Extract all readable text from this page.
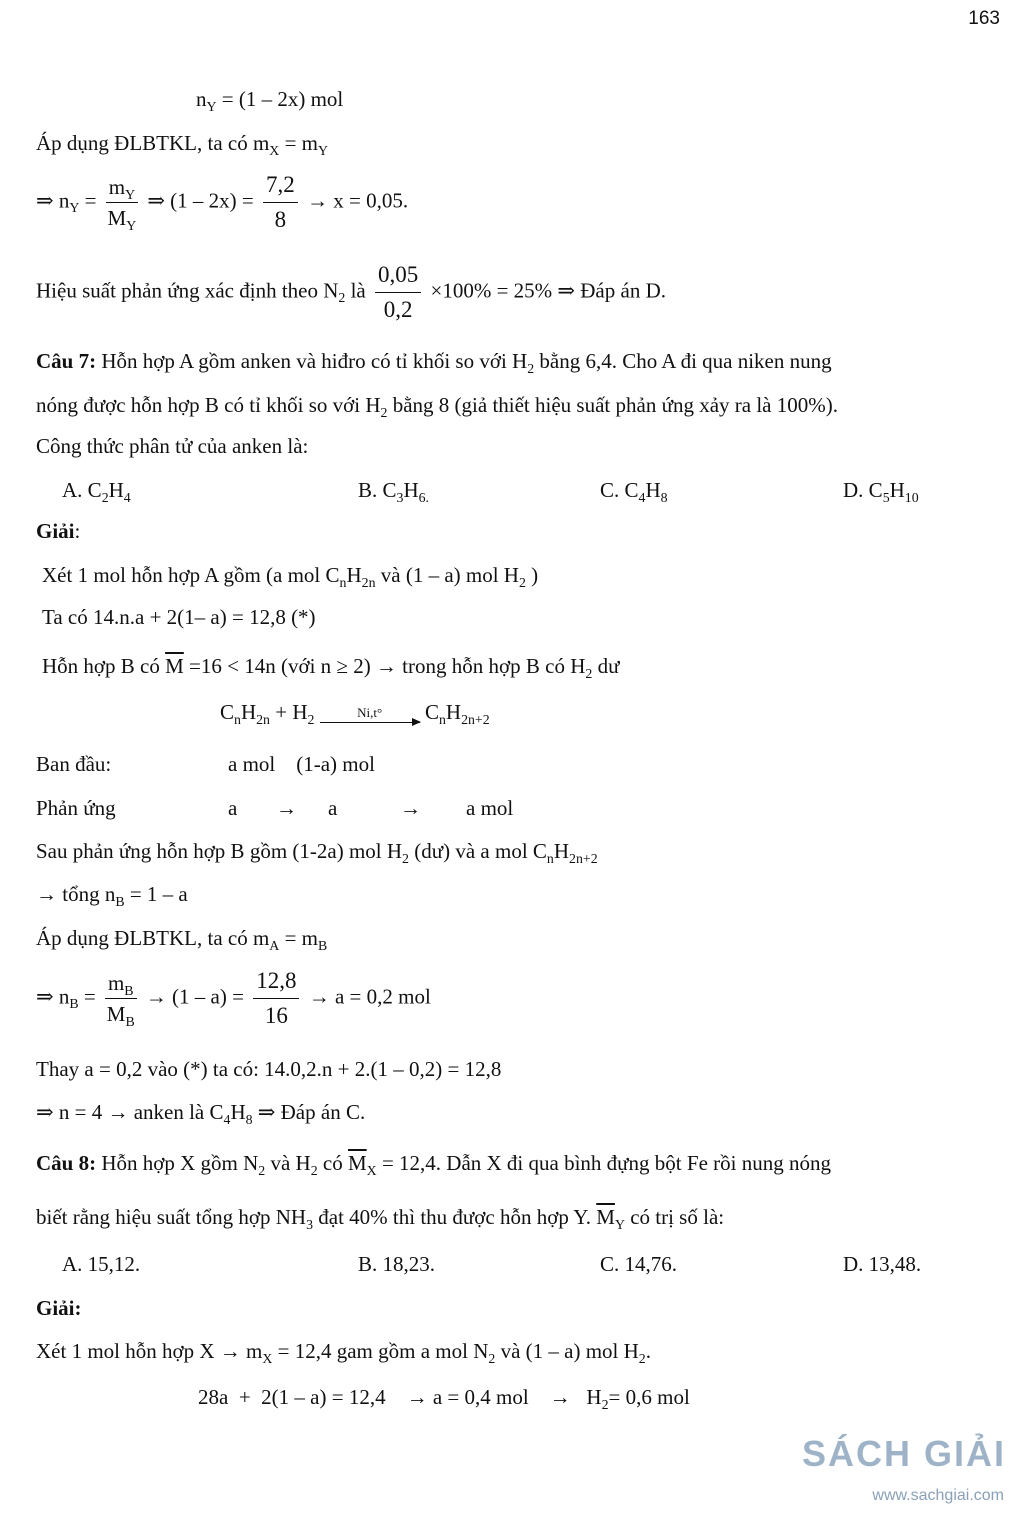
163
$n_Y = (1 - 2x)$ mol
Áp dụng ĐLBTKL, ta có $m_X = m_Y$
⇒ $n_Y = \frac{m_Y}{M_Y}$ ⇒ $(1 - 2x) = \frac{7,2}{8} \to x = 0,05$.
Hiệu suất phản ứng xác định theo $N_2$ là $\frac{0,05}{0,2} \times 100\% = 25\%$ ⇒ Đáp án D.
Câu 7: Hỗn hợp A gồm anken và hiđro có tỉ khối so với $H_2$ bằng 6,4. Cho A đi qua niken nung
nóng được hỗn hợp B có tỉ khối so với $H_2$ bằng 8 (giả thiết hiệu suất phản ứng xảy ra là 100%).
Công thức phân tử của anken là:
A. $C_2H_4$	B. $C_3H_{6.}$	C. $C_4H_8$	D. $C_5H_{10}$
Giải:
Xét 1 mol hỗn hợp A gồm (a mol $C_nH_{2n}$ và (1 – a) mol $H_2$ )
Ta có 14.n.a + 2(1– a) = 12,8 (*)
Hỗn hợp B có $\overline{M} =16 < 14n$ (với n ≥ 2) → trong hỗn hợp B có $H_2$ dư
$C_nH_{2n} + H_2$	Ni,t°	$C_nH_{2n+2}$
Ban đầu:	a mol    (1-a) mol
Phản ứng	a → a	→ a mol
Sau phản ứng hỗn hợp B gồm (1-2a) mol $H_2$ (dư) và a mol $C_nH_{2n+2}$
→ tổng $n_B = 1 - a$
Áp dụng ĐLBTKL, ta có $m_A = m_B$
⇒ $n_B = \frac{m_B}{M_B} \to (1 - a) = \frac{12,8}{16} \to a = 0,2$ mol
Thay a = 0,2 vào (*) ta có: 14.0,2.n + 2.(1 – 0,2) = 12,8
⇒ n = 4 → anken là $C_4H_8$ ⇒ Đáp án C.
Câu 8: Hỗn hợp X gồm $N_2$ và $H_2$ có $\overline{M}_X = 12,4$. Dẫn X đi qua bình đựng bột Fe rồi nung nóng
biết rằng hiệu suất tổng hợp $NH_3$ đạt 40% thì thu được hỗn hợp Y. $\overline{M}_Y$ có trị số là:
A. 15,12.	B. 18,23.	C. 14,76.	D. 13,48.
Giải:
Xét 1 mol hỗn hợp $X \to m_X = 12,4$ gam gồm a mol $N_2$ và (1 – a) mol $H_2$.
28a  +  2(1 – a) = 12,4    → a = 0,4 mol    →   $H_2= 0,6$ mol
SÁCH GIẢI
www.sachgiai.com
